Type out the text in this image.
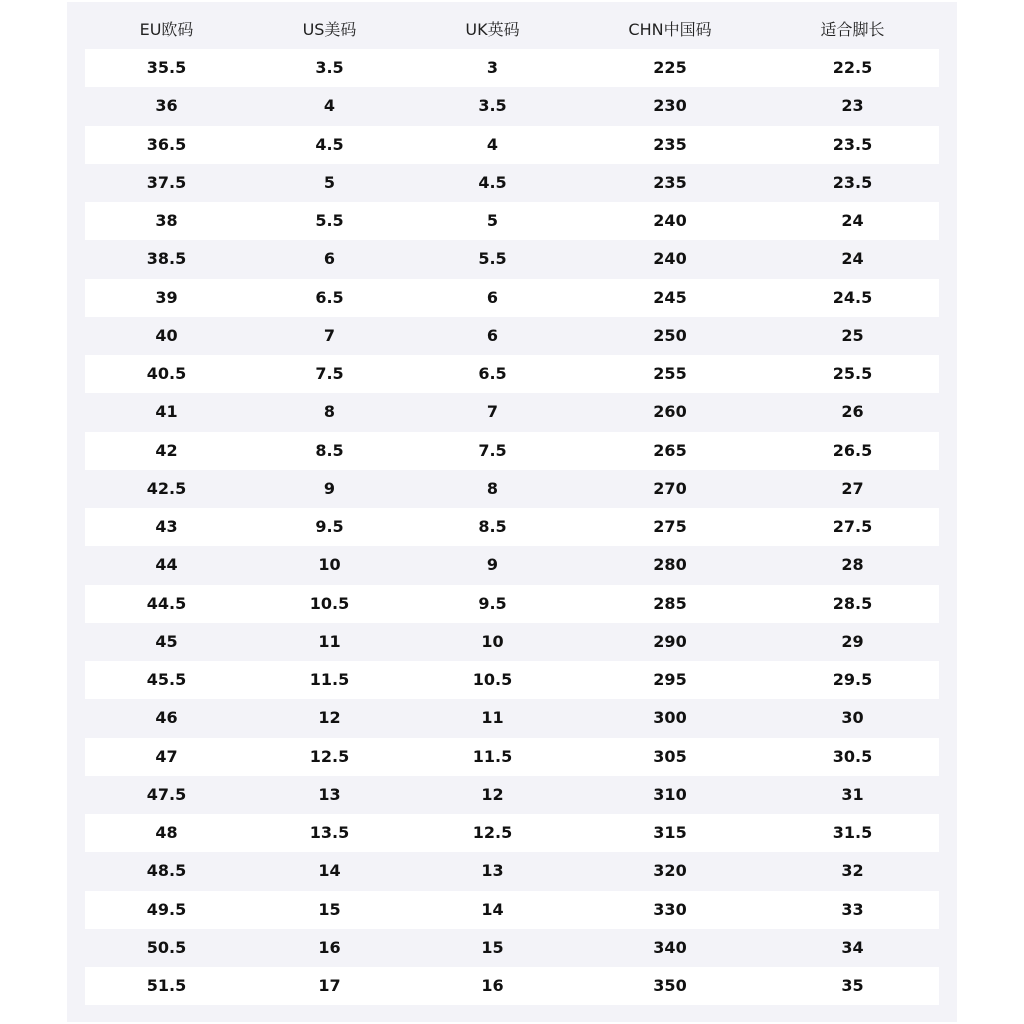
EU欧码	US美码	UK英码	CHN中国码	适合脚长
35.5	3.5	3	225	22.5
36	4	3.5	230	23
36.5	4.5	4	235	23.5
37.5	5	4.5	235	23.5
38	5.5	5	240	24
38.5	6	5.5	240	24
39	6.5	6	245	24.5
40	7	6	250	25
40.5	7.5	6.5	255	25.5
41	8	7	260	26
42	8.5	7.5	265	26.5
42.5	9	8	270	27
43	9.5	8.5	275	27.5
44	10	9	280	28
44.5	10.5	9.5	285	28.5
45	11	10	290	29
45.5	11.5	10.5	295	29.5
46	12	11	300	30
47	12.5	11.5	305	30.5
47.5	13	12	310	31
48	13.5	12.5	315	31.5
48.5	14	13	320	32
49.5	15	14	330	33
50.5	16	15	340	34
51.5	17	16	350	35
